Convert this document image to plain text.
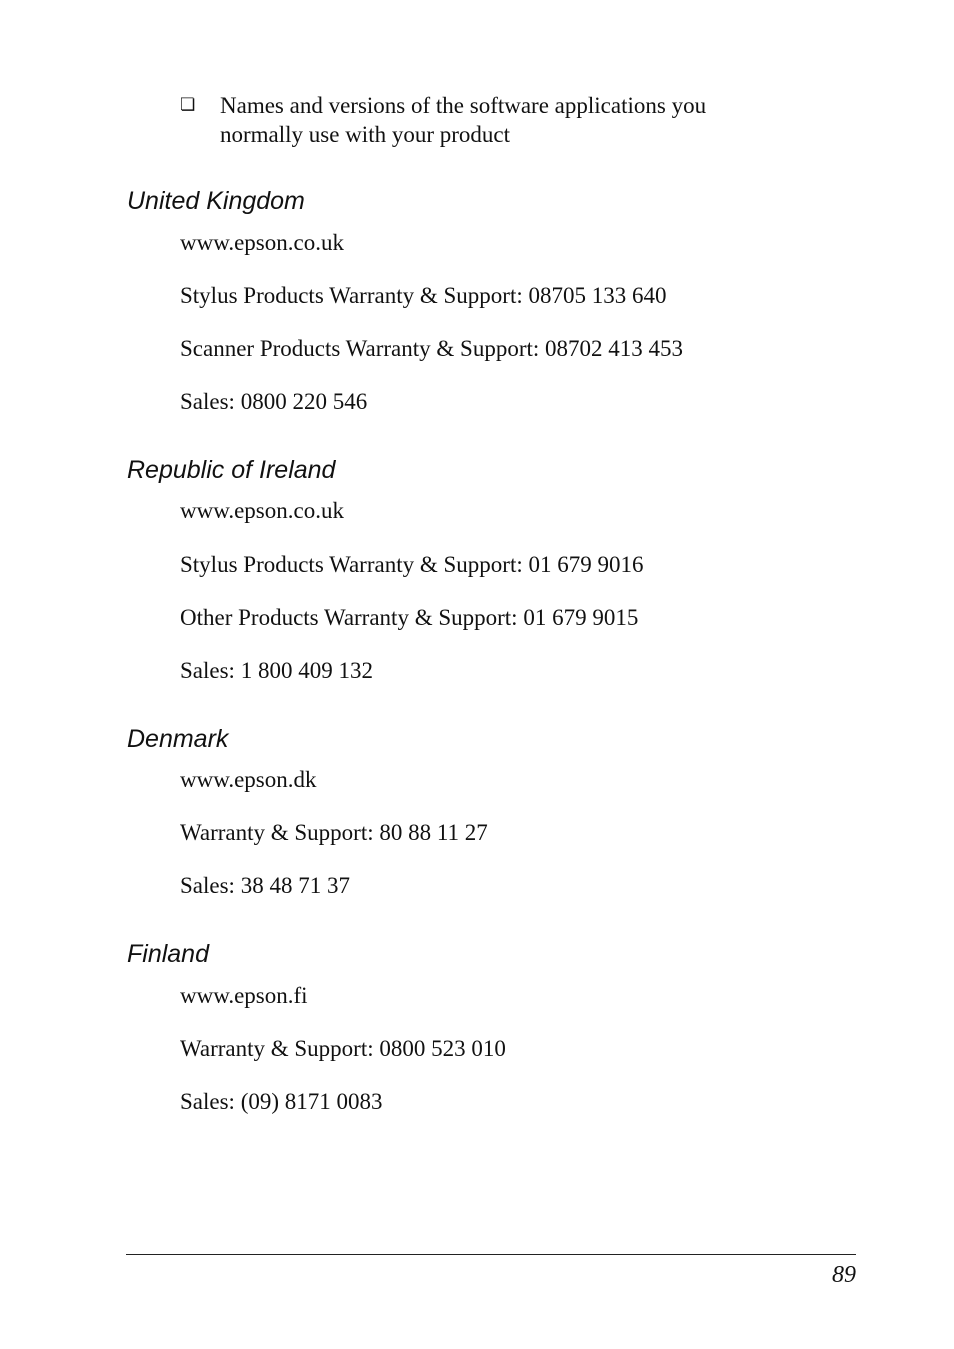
❏ Names and versions of the software applications you
normally use with your product
United Kingdom

www.epson.co.uk

Stylus Products Warranty & Support: 08705 133 640

Scanner Products Warranty & Support: 08702 413 453

Sales: 0800 220 546

Republic of Ireland

www.epson.co.uk

Stylus Products Warranty & Support: 01 679 9016

Other Products Warranty & Support: 01 679 9015

Sales: 1 800 409 132

Denmark

www.epson.dk

Warranty & Support: 80 88 11 27

Sales: 38 48 71 37

Finland

www.epson.fi

Warranty & Support: 0800 523 010

Sales: (09) 8171 0083

89
